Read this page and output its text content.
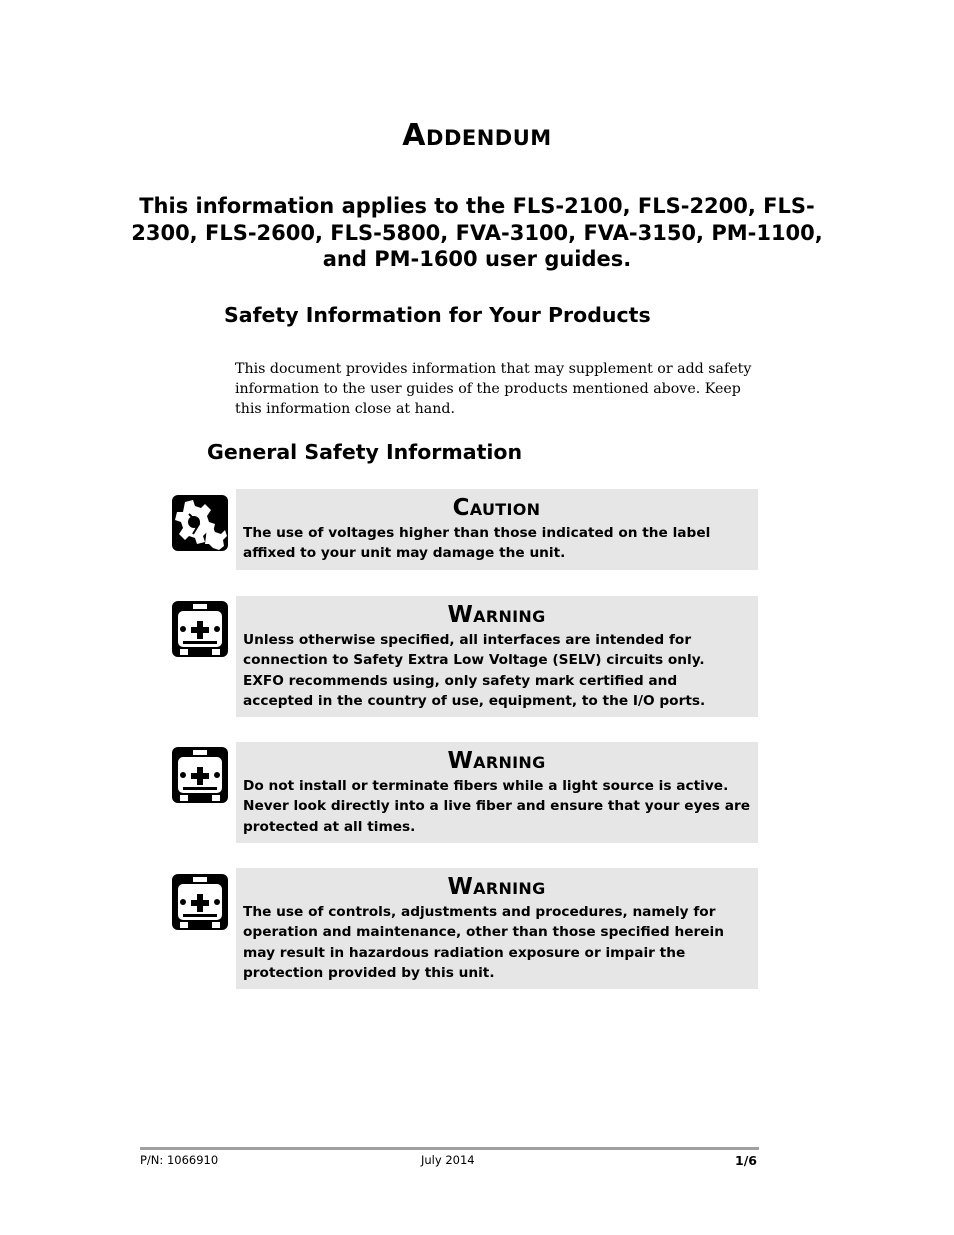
Addendum
This information applies to the FLS-2100, FLS-2200, FLS-2300, FLS-2600, FLS-5800, FVA-3100, FVA-3150, PM-1100, and PM-1600 user guides.
Safety Information for Your Products
This document provides information that may supplement or add safety information to the user guides of the products mentioned above. Keep this information close at hand.
General Safety Information
Caution
The use of voltages higher than those indicated on the label affixed to your unit may damage the unit.
Warning
Unless otherwise specified, all interfaces are intended for connection to Safety Extra Low Voltage (SELV) circuits only. EXFO recommends using, only safety mark certified and accepted in the country of use, equipment, to the I/O ports.
Warning
Do not install or terminate fibers while a light source is active. Never look directly into a live fiber and ensure that your eyes are protected at all times.
Warning
The use of controls, adjustments and procedures, namely for operation and maintenance, other than those specified herein may result in hazardous radiation exposure or impair the protection provided by this unit.
P/N: 1066910	July 2014	1/6
